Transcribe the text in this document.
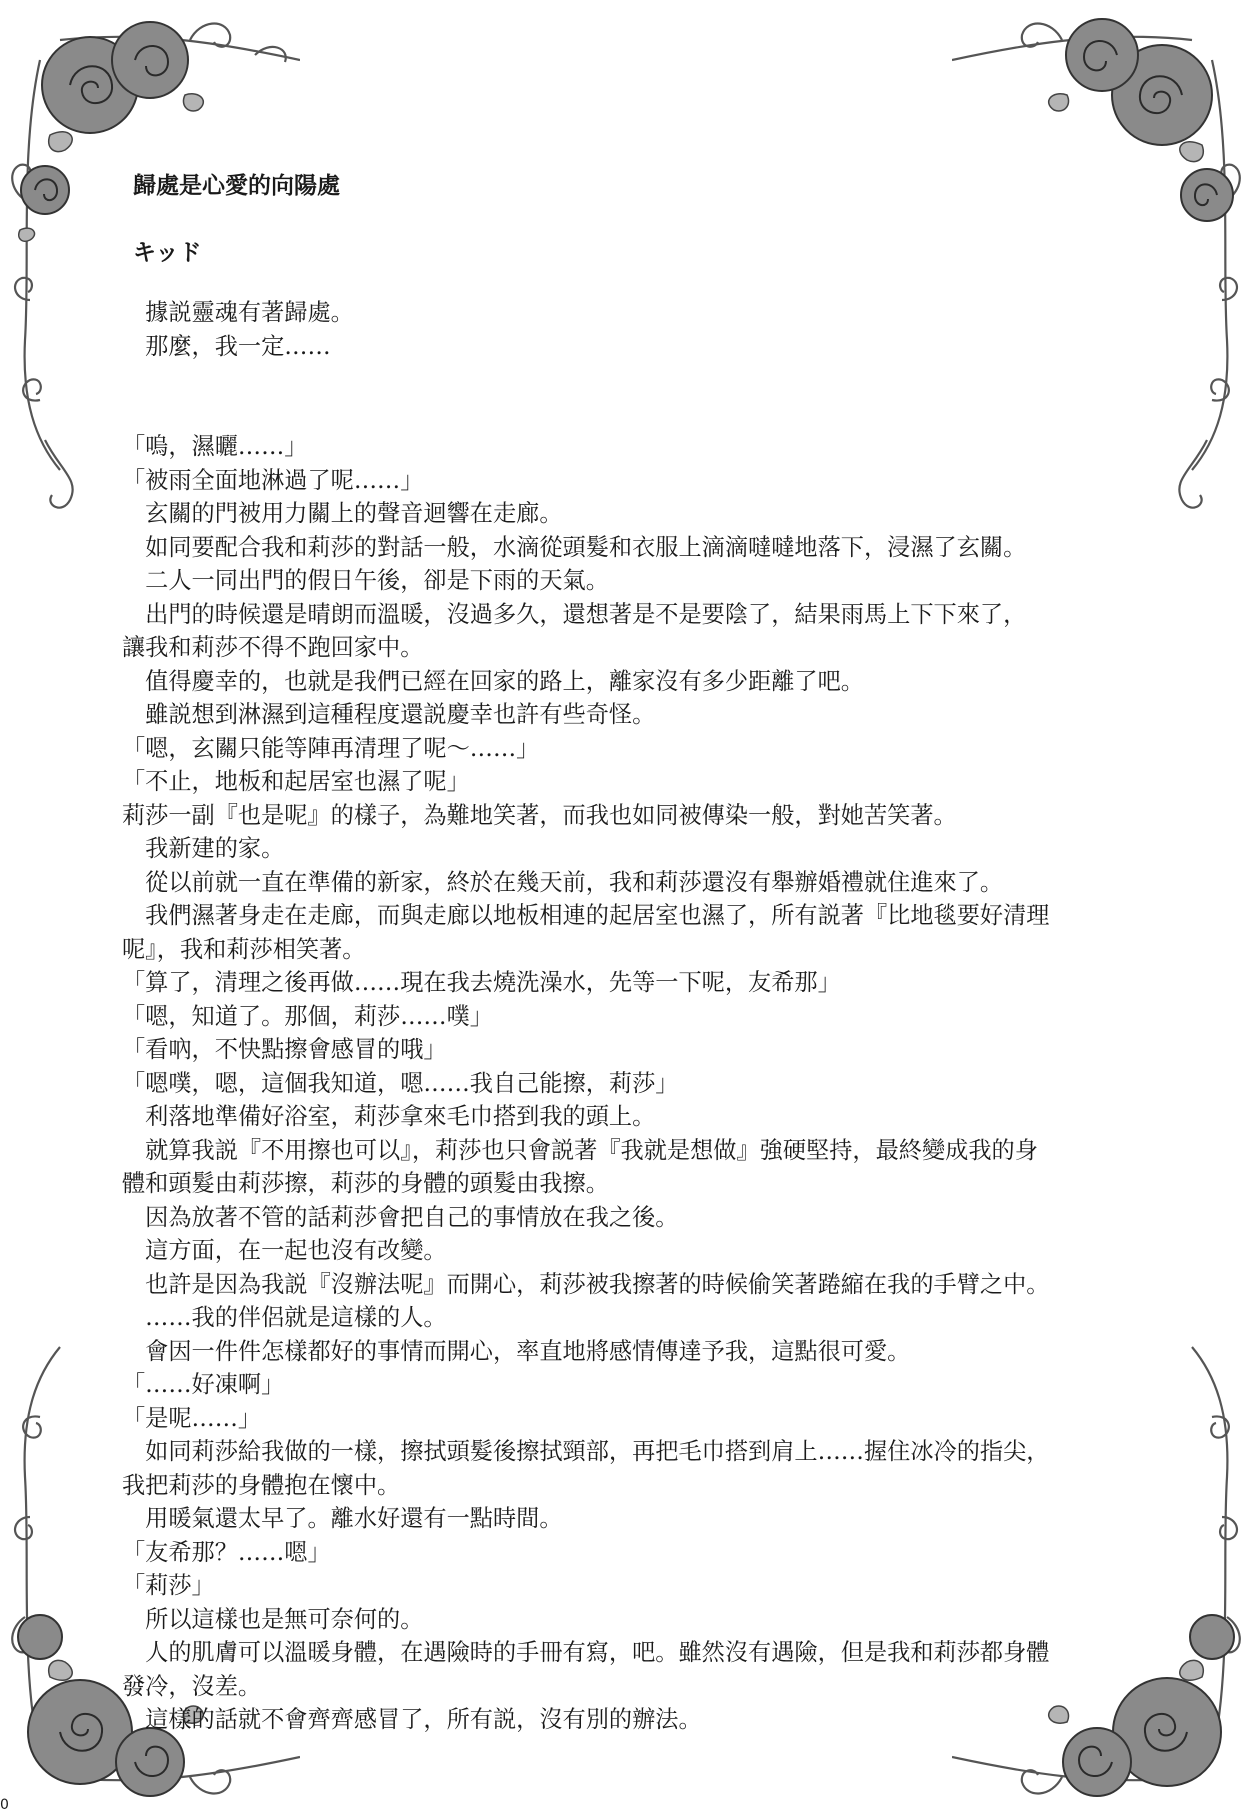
歸處是心愛的向陽處
キッド

　據説靈魂有著歸處。

　那麼，我一定……

「嗚，濕曬……」

「被雨全面地淋過了呢……」

　玄關的門被用力關上的聲音迴響在走廊。

　如同要配合我和莉莎的對話一般，水滴從頭髮和衣服上滴滴噠噠地落下，浸濕了玄關。

　二人一同出門的假日午後，卻是下雨的天氣。

　出門的時候還是晴朗而溫暖，沒過多久，還想著是不是要陰了，結果雨馬上下下來了，

讓我和莉莎不得不跑回家中。

　值得慶幸的，也就是我們已經在回家的路上，離家沒有多少距離了吧。

　雖説想到淋濕到這種程度還説慶幸也許有些奇怪。

「嗯，玄關只能等陣再清理了呢～……」

「不止，地板和起居室也濕了呢」

莉莎一副『也是呢』的樣子，為難地笑著，而我也如同被傳染一般，對她苦笑著。

　我新建的家。

　從以前就一直在準備的新家，終於在幾天前，我和莉莎還沒有舉辦婚禮就住進來了。

　我們濕著身走在走廊，而與走廊以地板相連的起居室也濕了，所有説著『比地毯要好清理

呢』，我和莉莎相笑著。

「算了，清理之後再做……現在我去燒洗澡水，先等一下呢，友希那」

「嗯，知道了。那個，莉莎……噗」

「看吶，不快點擦會感冒的哦」

「嗯噗，嗯，這個我知道，嗯……我自己能擦，莉莎」

　利落地準備好浴室，莉莎拿來毛巾搭到我的頭上。

　就算我説『不用擦也可以』，莉莎也只會説著『我就是想做』強硬堅持，最終變成我的身

體和頭髮由莉莎擦，莉莎的身體的頭髮由我擦。

　因為放著不管的話莉莎會把自己的事情放在我之後。

　這方面，在一起也沒有改變。

　也許是因為我説『沒辦法呢』而開心，莉莎被我擦著的時候偷笑著踡縮在我的手臂之中。

　……我的伴侶就是這樣的人。

　會因一件件怎樣都好的事情而開心，率直地將感情傳達予我，這點很可愛。

「……好凍啊」

「是呢……」

　如同莉莎給我做的一樣，擦拭頭髮後擦拭頸部，再把毛巾搭到肩上……握住冰冷的指尖，

我把莉莎的身體抱在懷中。

　用暖氣還太早了。離水好還有一點時間。

「友希那？……嗯」

「莉莎」

　所以這樣也是無可奈何的。

　人的肌膚可以溫暖身體，在遇險時的手冊有寫，吧。雖然沒有遇險，但是我和莉莎都身體

發冷，沒差。

　這樣的話就不會齊齊感冒了，所有説，沒有別的辦法。

0
